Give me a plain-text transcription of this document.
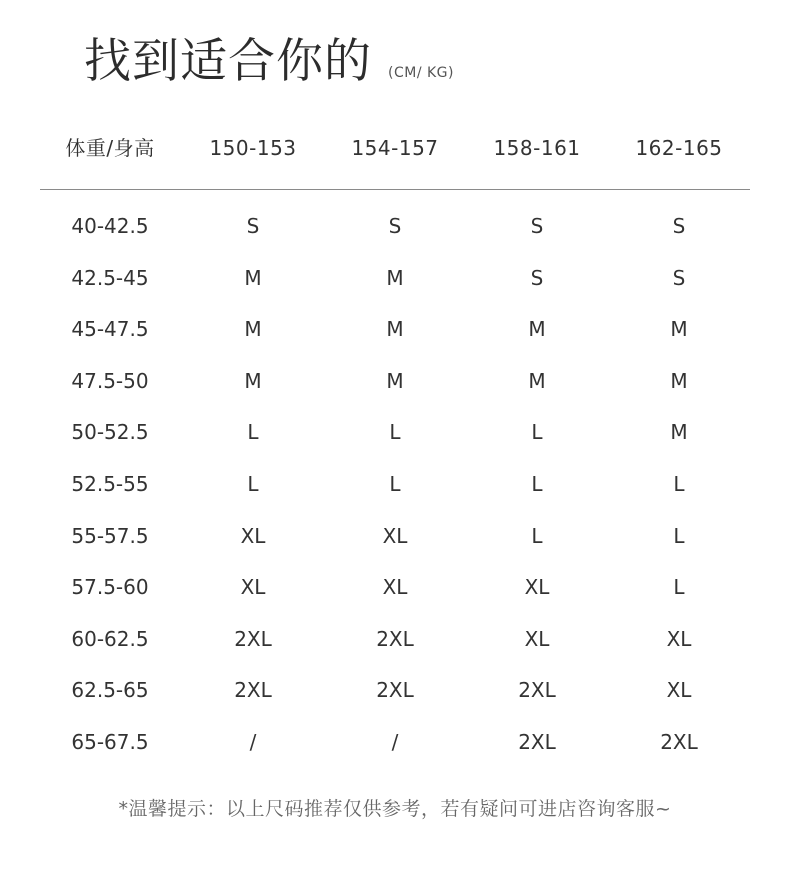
找到适合你的 (CM/ KG)
体重/身高	150-153	154-157	158-161	162-165
40-42.5	S	S	S	S
42.5-45	M	M	S	S
45-47.5	M	M	M	M
47.5-50	M	M	M	M
50-52.5	L	L	L	M
52.5-55	L	L	L	L
55-57.5	XL	XL	L	L
57.5-60	XL	XL	XL	L
60-62.5	2XL	2XL	XL	XL
62.5-65	2XL	2XL	2XL	XL
65-67.5	/	/	2XL	2XL
*温馨提示：以上尺码推荐仅供参考，若有疑问可进店咨询客服~
